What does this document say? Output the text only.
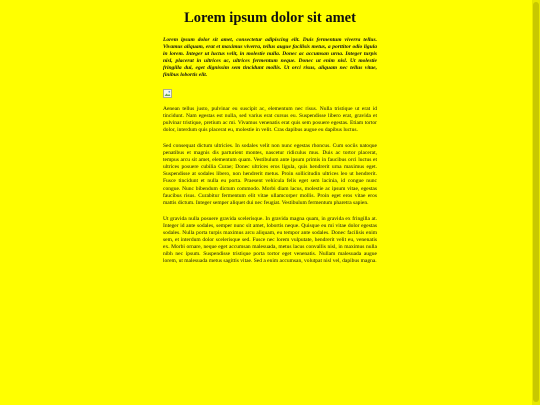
Lorem ipsum dolor sit amet

Lorem ipsum dolor sit amet, consectetur adipiscing elit. Duis fermentum viverra tellus. Vivamus aliquam, erat et maximus viverra, tellus augue facilisis metus, a porttitor odio ligula in lorem. Integer ut luctus velit, in molestie nulla. Donec ac accumsan urna. Integer turpis nisl, placerat in ultrices ac, ultrices fermentum neque. Donec ut enim nisl. Ut molestie fringilla dui, eget dignissim sem tincidunt mollis. Ut orci risus, aliquam nec tellus vitae, finibus lobortis elit.

Aenean tellus justo, pulvinar eu suscipit ac, elementum nec risus. Nulla tristique ut erat id tincidunt. Nam egestas est nulla, sed varius erat cursus eu. Suspendisse libero erat, gravida et pulvinar tristique, pretium ac mi. Vivamus venenatis erat quis sem posuere egestas. Etiam tortor dolor, interdum quis placerat eu, molestie in velit. Cras dapibus augue eu dapibus luctus.

Sed consequat dictum ultricies. In sodales velit non nunc egestas rhoncus. Cum sociis natoque penatibus et magnis dis parturient montes, nascetur ridiculus mus. Duis ac tortor placerat, tempus arcu sit amet, elementum quam. Vestibulum ante ipsum primis in faucibus orci luctus et ultrices posuere cubilia Curae; Donec ultrices eros ligula, quis hendrerit urna maximus eget. Suspendisse at sodales libero, non hendrerit metus. Proin sollicitudin ultrices leo ut hendrerit. Fusce tincidunt et nulla eu porta. Praesent vehicula felis eget sem lacinia, id congue nunc congue. Nunc bibendum dictum commodo. Morbi diam lacus, molestie ac ipsum vitae, egestas faucibus risus. Curabitur fermentum elit vitae ullamcorper mollis. Proin eget eros vitae eros mattis dictum. Integer semper aliquet dui nec feugiat. Vestibulum fermentum pharetra sapien.

Ut gravida nulla posuere gravida scelerisque. In gravida magna quam, in gravida ex fringilla at. Integer id ante sodales, semper nunc sit amet, lobortis neque. Quisque eu mi vitae dolor egestas sodales. Nulla porta turpis maximus arcu aliquam, eu tempor ante sodales. Donec facilisis enim sem, et interdum dolor scelerisque sed. Fusce nec lorem vulputate, hendrerit velit eu, venenatis ex. Morbi ornare, neque eget accumsan malesuada, metus lacus convallis nisl, in maximus nulla nibh nec ipsum. Suspendisse tristique porta tortor eget venenatis. Nullam malesuada augue lorem, ut malesuada metus sagittis vitae. Sed a enim accumsan, volutpat nisl vel, dapibus magna.
